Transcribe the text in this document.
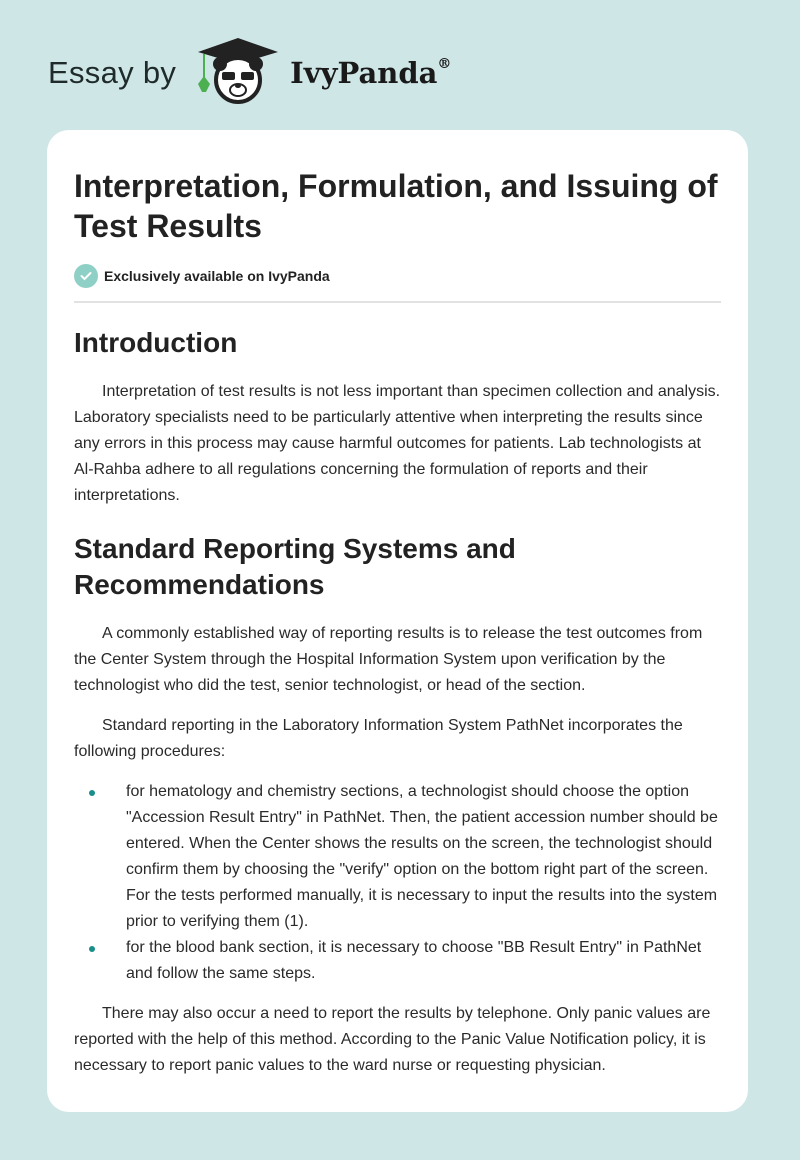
Essay by	IvyPanda®
Interpretation, Formulation, and Issuing of Test Results
Exclusively available on IvyPanda
Introduction

Interpretation of test results is not less important than specimen collection and analysis. Laboratory specialists need to be particularly attentive when interpreting the results since any errors in this process may cause harmful outcomes for patients. Lab technologists at Al-Rahba adhere to all regulations concerning the formulation of reports and their interpretations.

Standard Reporting Systems and Recommendations

A commonly established way of reporting results is to release the test outcomes from the Center System through the Hospital Information System upon verification by the technologist who did the test, senior technologist, or head of the section.

Standard reporting in the Laboratory Information System PathNet incorporates the following procedures:

for hematology and chemistry sections, a technologist should choose the option "Accession Result Entry" in PathNet. Then, the patient accession number should be entered. When the Center shows the results on the screen, the technologist should confirm them by choosing the "verify" option on the bottom right part of the screen. For the tests performed manually, it is necessary to input the results into the system prior to verifying them (1).
for the blood bank section, it is necessary to choose "BB Result Entry" in PathNet and follow the same steps.

There may also occur a need to report the results by telephone. Only panic values are reported with the help of this method. According to the Panic Value Notification policy, it is necessary to report panic values to the ward nurse or requesting physician.
